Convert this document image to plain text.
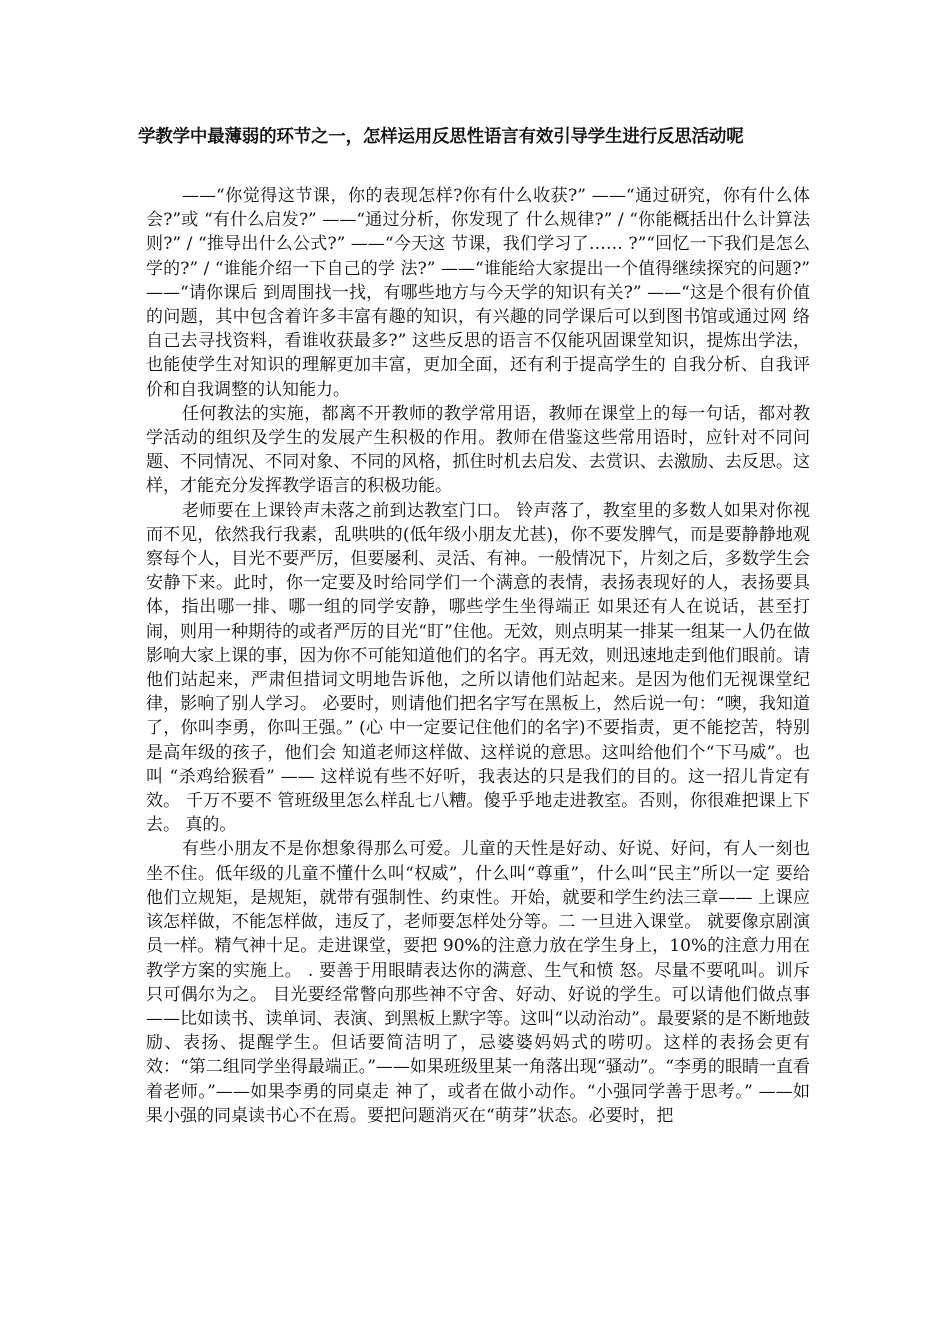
学教学中最薄弱的环节之一，怎样运用反思性语言有效引导学生进行反思活动呢

——“你觉得这节课，你的表现怎样?你有什么收获?” ——“通过研究，你有什么体会?”或 “有什么启发?” ——“通过分析，你发现了 什么规律?” / “你能概括出什么计算法则?” / “推导出什么公式?” ——“今天这 节课，我们学习了…… ?”“回忆一下我们是怎么学的?” / “谁能介绍一下自己的学 法?” ——“谁能给大家提出一个值得继续探究的问题?” ——“请你课后 到周围找一找，有哪些地方与今天学的知识有关?” ——“这是个很有价值的问题，其中包含着许多丰富有趣的知识，有兴趣的同学课后可以到图书馆或通过网 络自己去寻找资料，看谁收获最多?” 这些反思的语言不仅能巩固课堂知识，提炼出学法，也能使学生对知识的理解更加丰富，更加全面，还有利于提高学生的 自我分析、自我评价和自我调整的认知能力。

任何教法的实施，都离不开教师的教学常用语，教师在课堂上的每一句话，都对教学活动的组织及学生的发展产生积极的作用。教师在借鉴这些常用语时，应针对不同问题、不同情况、不同对象、不同的风格，抓住时机去启发、去赏识、去激励、去反思。这样，才能充分发挥教学语言的积极功能。

老师要在上课铃声未落之前到达教室门口。 铃声落了，教室里的多数人如果对你视而不见，依然我行我素，乱哄哄的(低年级小朋友尤甚)，你不要发脾气，而是要静静地观察每个人，目光不要严厉，但要屡利、灵活、有神。一般情况下，片刻之后，多数学生会安静下来。此时，你一定要及时给同学们一个满意的表情，表扬表现好的人，表扬要具体，指出哪一排、哪一组的同学安静，哪些学生坐得端正 如果还有人在说话，甚至打闹，则用一种期待的或者严厉的目光“盯”住他。无效，则点明某一排某一组某一人仍在做影响大家上课的事，因为你不可能知道他们的名字。再无效，则迅速地走到他们眼前。请他们站起来，严肃但措词文明地告诉他，之所以请他们站起来。是因为他们无视课堂纪律，影响了别人学习。 必要时，则请他们把名字写在黑板上，然后说一句：“噢，我知道了，你叫李勇，你叫王强。” (心 中一定要记住他们的名字)不要指责，更不能挖苦，特别是高年级的孩子，他们会 知道老师这样做、这样说的意思。这叫给他们个“下马威”。也叫 “杀鸡给猴看” —— 这样说有些不好听，我表达的只是我们的目的。这一招儿肯定有效。 千万不要不 管班级里怎么样乱七八糟。傻乎乎地走进教室。否则，你很难把课上下去。 真的。

有些小朋友不是你想象得那么可爱。儿童的天性是好动、好说、好问，有人一刻也 坐不住。低年级的儿童不懂什么叫“权威”，什么叫“尊重”，什么叫“民主”所以一定 要给他们立规矩，是规矩，就带有强制性、约束性。开始，就要和学生约法三章—— 上课应该怎样做，不能怎样做，违反了，老师要怎样处分等。二 一旦进入课堂。 就要像京剧演员一样。精气神十足。走进课堂，要把 90%的注意力放在学生身上，10%的注意力用在教学方案的实施上。 . 要善于用眼睛表达你的满意、生气和愤 怒。尽量不要吼叫。训斥只可偶尔为之。 目光要经常瞥向那些神不守舍、好动、好说的学生。可以请他们做点事——比如读书、读单词、表演、到黑板上默字等。这叫“以动治动”。最要紧的是不断地鼓励、表扬、提醒学生。但话要简洁明了，忌婆婆妈妈式的唠叨。这样的表扬会更有效：“第二组同学坐得最端正。”——如果班级里某一角落出现“骚动”。“李勇的眼睛一直看着老师。”——如果李勇的同桌走 神了，或者在做小动作。“小强同学善于思考。” ——如果小强的同桌读书心不在焉。要把问题消灭在“萌芽”状态。必要时，把
